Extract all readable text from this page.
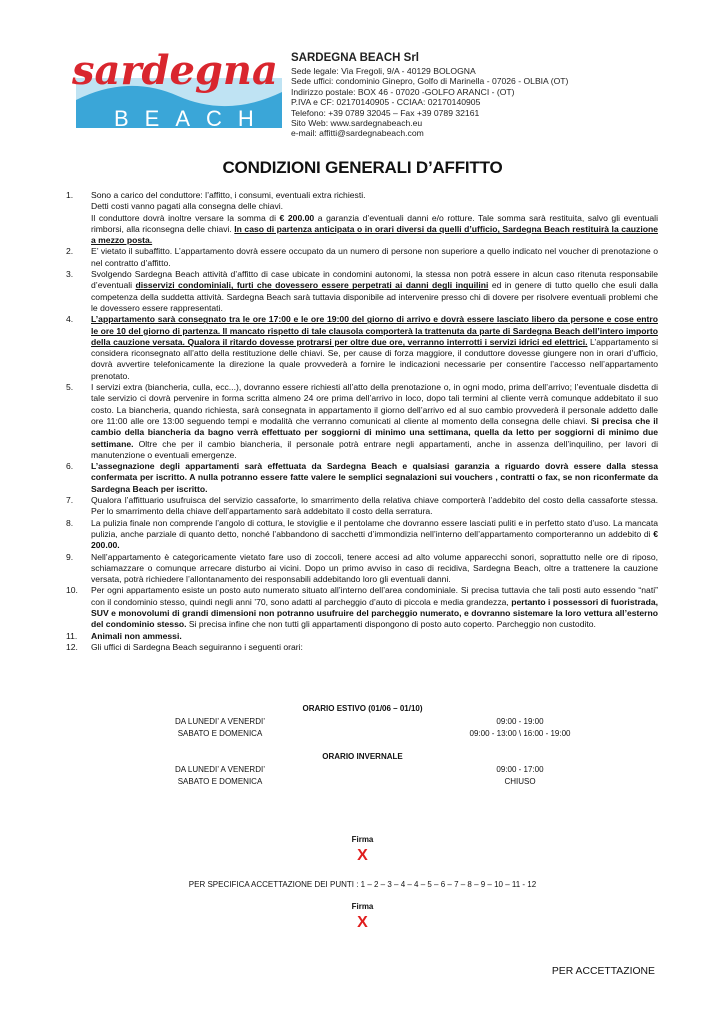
sardegna
BEACH
SARDEGNA BEACH Srl
Sede legale: Via Fregoli, 9/A - 40129 BOLOGNA
Sede uffici: condominio Ginepro, Golfo di Marinella - 07026 - OLBIA (OT)
Indirizzo postale: BOX 46 - 07020 -GOLFO ARANCI - (OT)
P.IVA e CF: 02170140905 - CCIAA: 02170140905
Telefono: +39 0789 32045 – Fax +39 0789 32161
Sito Web: www.sardegnabeach.eu
e-mail: affitti@sardegnabeach.com
CONDIZIONI GENERALI D’AFFITTO
1.	Sono a carico del conduttore: l’affitto, i consumi, eventuali extra richiesti.

Detti costi vanno pagati alla consegna delle chiavi.

Il conduttore dovrà inoltre versare la somma di € 200.00 a garanzia d’eventuali danni e/o rotture. Tale somma sarà restituita, salvo gli eventuali rimborsi, alla riconsegna delle chiavi. In caso di partenza anticipata o in orari diversi da quelli d’ufficio, Sardegna Beach restituirà la cauzione a mezzo posta.

2.	E’ vietato il subaffitto. L’appartamento dovrà essere occupato da un numero di persone non superiore a quello indicato nel voucher di prenotazione o nel contratto d’affitto.
3.	Svolgendo Sardegna Beach attività d’affitto di case ubicate in condomini autonomi, la stessa non potrà essere in alcun caso ritenuta responsabile d’eventuali disservizi condominiali, furti che dovessero essere perpetrati ai danni degli inquilini ed in genere di tutto quello che esuli dalla competenza della suddetta attività. Sardegna Beach sarà tuttavia disponibile ad intervenire presso chi di dovere per risolvere eventuali problemi che le dovessero essere rappresentati.
4.	L’appartamento sarà consegnato tra le ore 17:00 e le ore 19:00 del giorno di arrivo e dovrà essere lasciato libero da persone e cose entro le ore 10 del giorno di partenza. Il mancato rispetto di tale clausola comporterà la trattenuta da parte di Sardegna Beach dell’intero importo della cauzione versata. Qualora il ritardo dovesse protrarsi per oltre due ore, verranno interrotti i servizi idrici ed elettrici. L’appartamento si considera riconsegnato all’atto della restituzione delle chiavi. Se, per cause di forza maggiore, il conduttore dovesse giungere non in orari d’ufficio, dovrà avvertire telefonicamente la direzione la quale provvederà a fornire le indicazioni necessarie per consentire l’accesso nell’appartamento prenotato.
5.	I servizi extra (biancheria, culla, ecc...), dovranno essere richiesti all’atto della prenotazione o, in ogni modo, prima dell’arrivo; l’eventuale disdetta di tale servizio ci dovrà pervenire in forma scritta almeno 24 ore prima dell’arrivo in loco, dopo tali termini al cliente verrà comunque addebitato il suo costo. La biancheria, quando richiesta, sarà consegnata in appartamento il giorno dell’arrivo ed al suo cambio provvederà il personale addetto dalle ore 11:00 alle ore 13:00 seguendo tempi e modalità che verranno comunicati al cliente al momento della consegna delle chiavi. Si precisa che il cambio della biancheria da bagno verrà effettuato per soggiorni di minimo una settimana, quella da letto per soggiorni di minimo due settimane. Oltre che per il cambio biancheria, il personale potrà entrare negli appartamenti, anche in assenza dell’inquilino, per lavori di manutenzione o eventuali emergenze.
6.	L’assegnazione degli appartamenti sarà effettuata da Sardegna Beach e qualsiasi garanzia a riguardo dovrà essere dalla stessa confermata per iscritto. A nulla potranno essere fatte valere le semplici segnalazioni sui vouchers , contratti o fax, se non riconfermate da Sardegna Beach per iscritto.
7.	Qualora l’affittuario usufruisca del servizio cassaforte, lo smarrimento della relativa chiave comporterà l’addebito del costo della cassaforte stessa. Per lo smarrimento della chiave dell’appartamento sarà addebitato il costo della serratura.
8.	La pulizia finale non comprende l’angolo di cottura, le stoviglie e il pentolame che dovranno essere lasciati puliti e in perfetto stato d’uso. La mancata pulizia, anche parziale di quanto detto, nonché l’abbandono di sacchetti d’immondizia nell’interno dell’appartamento comporteranno un addebito di € 200.00.
9.	Nell’appartamento è categoricamente vietato fare uso di zoccoli, tenere accesi ad alto volume apparecchi sonori, soprattutto nelle ore di riposo, schiamazzare o comunque arrecare disturbo ai vicini. Dopo un primo avviso in caso di recidiva, Sardegna Beach, oltre a trattenere la cauzione versata, potrà richiedere l’allontanamento dei responsabili addebitando loro gli eventuali danni.
10.	Per ogni appartamento esiste un posto auto numerato situato all’interno dell’area condominiale. Si precisa tuttavia che tali posti auto essendo “nati” con il condominio stesso, quindi negli anni ’70, sono adatti al parcheggio d’auto di piccola e media grandezza, pertanto i possessori di fuoristrada, SUV e monovolumi di grandi dimensioni non potranno usufruire del parcheggio numerato, e dovranno sistemare la loro vettura all’esterno del condominio stesso. Si precisa infine che non tutti gli appartamenti dispongono di posto auto coperto. Parcheggio non custodito.
11.	Animali non ammessi.
12.	Gli uffici di Sardegna Beach seguiranno i seguenti orari:
ORARIO ESTIVO (01/06 – 01/10)
DA LUNEDI’ A VENERDI’	09:00 - 19:00
SABATO E DOMENICA	09:00 - 13:00 \ 16:00 - 19:00
ORARIO INVERNALE
DA LUNEDI’ A VENERDI’	09:00 - 17:00
SABATO E DOMENICA	CHIUSO
Firma
X
PER SPECIFICA ACCETTAZIONE DEI PUNTI : 1 – 2 – 3 – 4 – 4 – 5 – 6 – 7 – 8 – 9 – 10 – 11 - 12
Firma
X
PER ACCETTAZIONE
